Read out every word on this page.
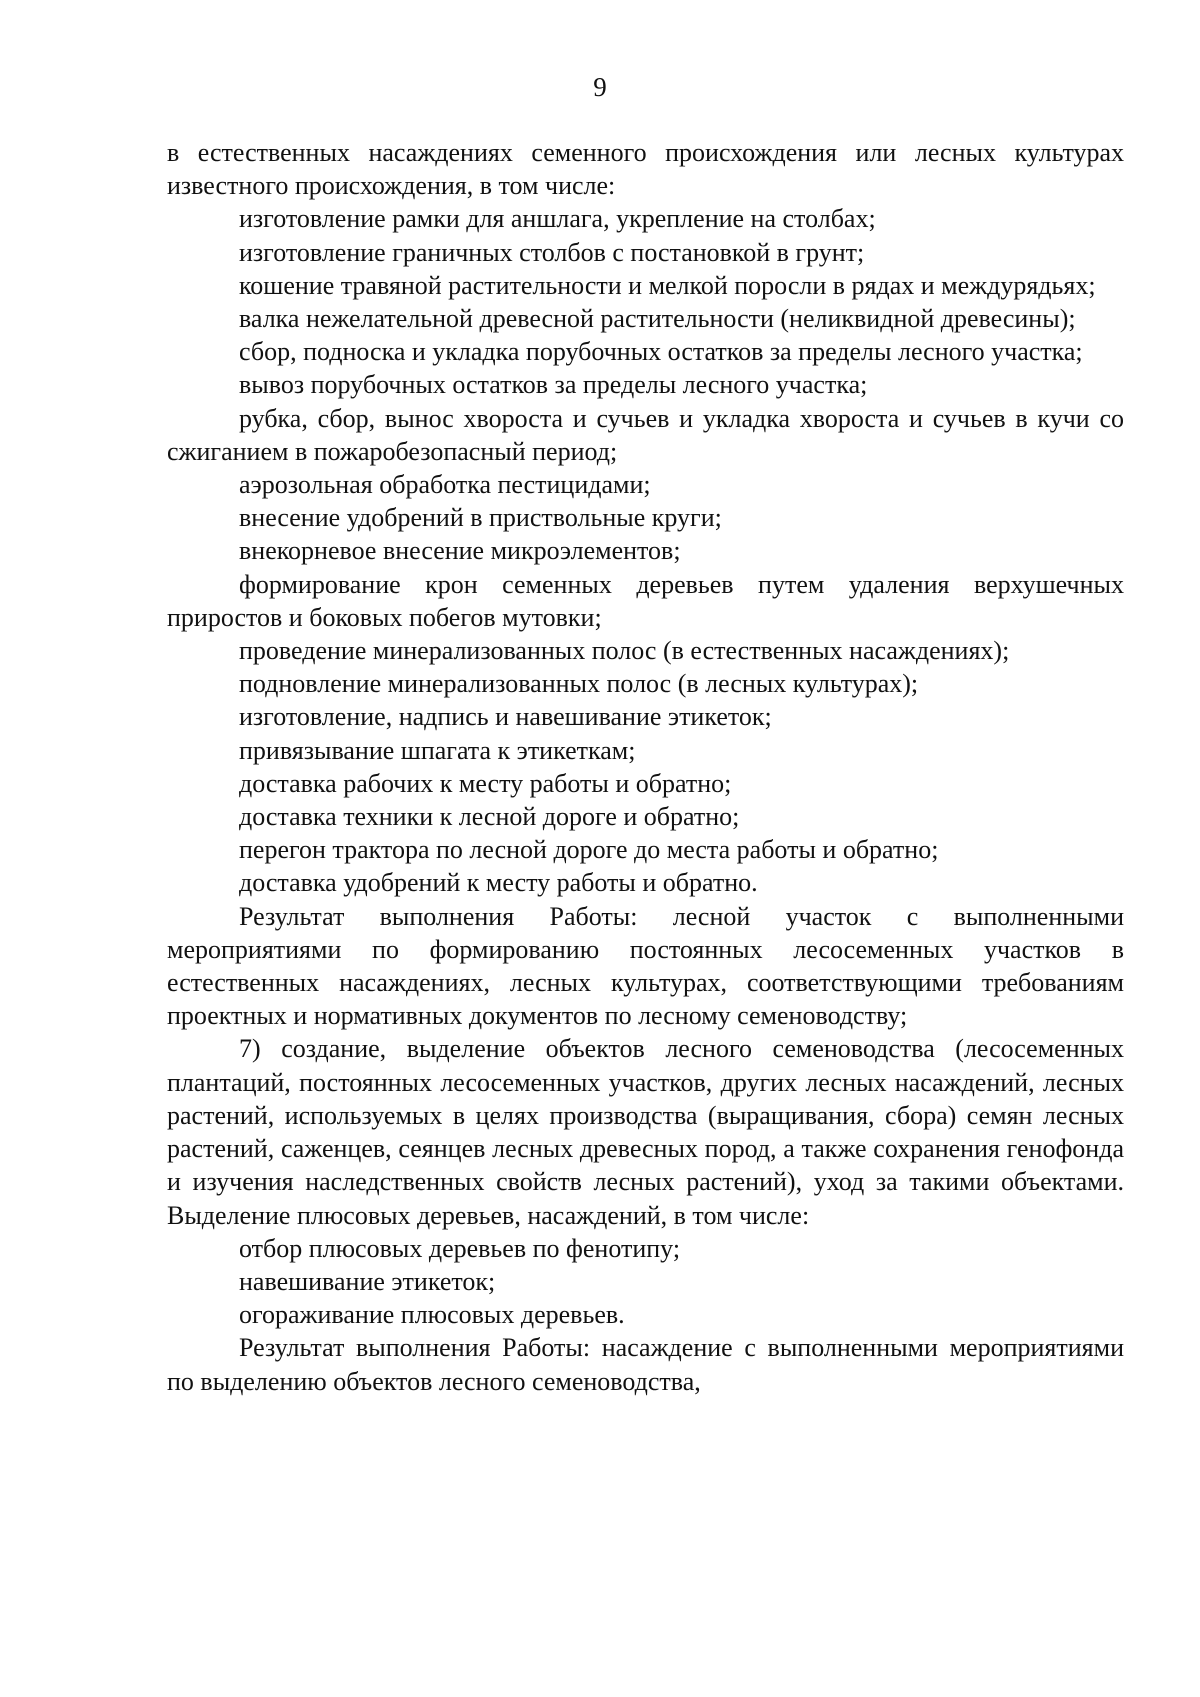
9

в естественных насаждениях семенного происхождения или лесных культурах известного происхождения, в том числе:

изготовление рамки для аншлага, укрепление на столбах;

изготовление граничных столбов с постановкой в грунт;

кошение травяной растительности и мелкой поросли в рядах и междурядьях;

валка нежелательной древесной растительности (неликвидной древесины);

сбор, подноска и укладка порубочных остатков за пределы лесного участка;

вывоз порубочных остатков за пределы лесного участка;

рубка, сбор, вынос хвороста и сучьев и укладка хвороста и сучьев в кучи со сжиганием в пожаробезопасный период;

аэрозольная обработка пестицидами;

внесение удобрений в приствольные круги;

внекорневое внесение микроэлементов;

формирование крон семенных деревьев путем удаления верхушечных приростов и боковых побегов мутовки;

проведение минерализованных полос (в естественных насаждениях);

подновление минерализованных полос (в лесных культурах);

изготовление, надпись и навешивание этикеток;

привязывание шпагата к этикеткам;

доставка рабочих к месту работы и обратно;

доставка техники к лесной дороге и обратно;

перегон трактора по лесной дороге до места работы и обратно;

доставка удобрений к месту работы и обратно.

Результат выполнения Работы: лесной участок с выполненными мероприятиями по формированию постоянных лесосеменных участков в естественных насаждениях, лесных культурах, соответствующими требованиям проектных и нормативных документов по лесному семеноводству;

7) создание, выделение объектов лесного семеноводства (лесосеменных плантаций, постоянных лесосеменных участков, других лесных насаждений, лесных растений, используемых в целях производства (выращивания, сбора) семян лесных растений, саженцев, сеянцев лесных древесных пород, а также сохранения генофонда и изучения наследственных свойств лесных растений), уход за такими объектами. Выделение плюсовых деревьев, насаждений, в том числе:

отбор плюсовых деревьев по фенотипу;

навешивание этикеток;

огораживание плюсовых деревьев.

Результат выполнения Работы: насаждение с выполненными мероприятиями по выделению объектов лесного семеноводства,
